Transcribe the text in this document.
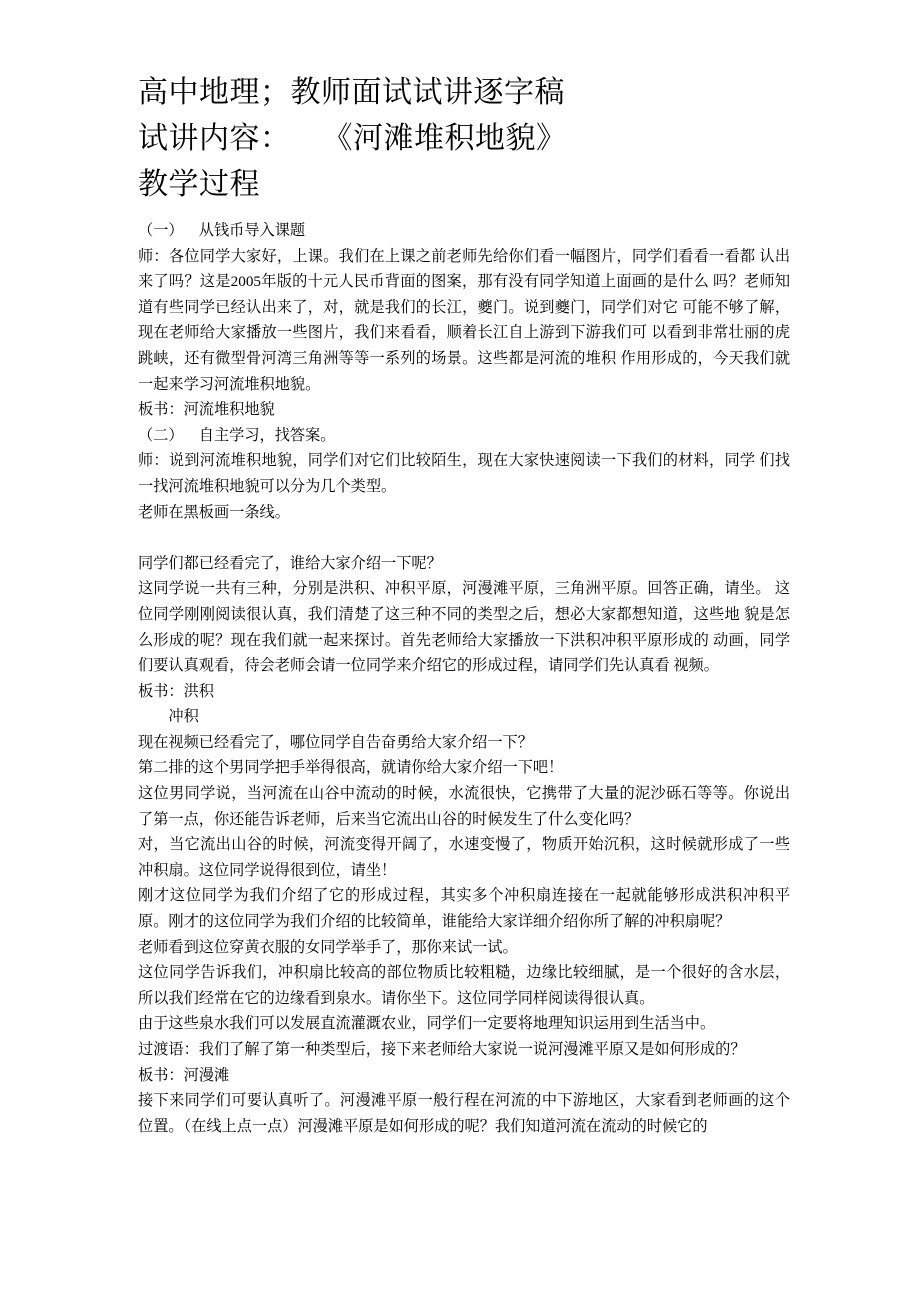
高中地理；教师面试试讲逐字稿
试讲内容：    《河滩堆积地貌》
教学过程
（一）    从钱币导入课题

师：各位同学大家好，上课。我们在上课之前老师先给你们看一幅图片，同学们看看一看都 认出来了吗？这是2005年版的十元人民币背面的图案，那有没有同学知道上面画的是什么 吗？老师知道有些同学已经认出来了，对，就是我们的长江，夔门。说到夔门，同学们对它 可能不够了解，现在老师给大家播放一些图片，我们来看看，顺着长江自上游到下游我们可 以看到非常壮丽的虎跳峡，还有微型骨河湾三角洲等等一系列的场景。这些都是河流的堆积 作用形成的，今天我们就一起来学习河流堆积地貌。

板书：河流堆积地貌

（二）    自主学习，找答案。

师：说到河流堆积地貌，同学们对它们比较陌生，现在大家快速阅读一下我们的材料，同学 们找一找河流堆积地貌可以分为几个类型。

老师在黑板画一条线。

同学们都已经看完了，谁给大家介绍一下呢？

这同学说一共有三种，分别是洪积、冲积平原，河漫滩平原，三角洲平原。回答正确，请坐。 这位同学刚刚阅读很认真，我们清楚了这三种不同的类型之后，想必大家都想知道，这些地 貌是怎么形成的呢？现在我们就一起来探讨。首先老师给大家播放一下洪积冲积平原形成的 动画，同学们要认真观看，待会老师会请一位同学来介绍它的形成过程，请同学们先认真看 视频。

板书：洪积

冲积

现在视频已经看完了，哪位同学自告奋勇给大家介绍一下？

第二排的这个男同学把手举得很高，就请你给大家介绍一下吧！

这位男同学说，当河流在山谷中流动的时候，水流很快，它携带了大量的泥沙砾石等等。你说出了第一点，你还能告诉老师，后来当它流出山谷的时候发生了什么变化吗？

对，当它流出山谷的时候，河流变得开阔了，水速变慢了，物质开始沉积，这时候就形成了一些冲积扇。这位同学说得很到位，请坐！

刚才这位同学为我们介绍了它的形成过程，其实多个冲积扇连接在一起就能够形成洪积冲积平原。刚才的这位同学为我们介绍的比较简单，谁能给大家详细介绍你所了解的冲积扇呢？

老师看到这位穿黄衣服的女同学举手了，那你来试一试。

这位同学告诉我们，冲积扇比较高的部位物质比较粗糙，边缘比较细腻，是一个很好的含水层，所以我们经常在它的边缘看到泉水。请你坐下。这位同学同样阅读得很认真。

由于这些泉水我们可以发展直流灌溉农业，同学们一定要将地理知识运用到生活当中。

过渡语：我们了解了第一种类型后，接下来老师给大家说一说河漫滩平原又是如何形成的？

板书：河漫滩

接下来同学们可要认真听了。河漫滩平原一般行程在河流的中下游地区，大家看到老师画的这个位置。（在线上点一点）河漫滩平原是如何形成的呢？我们知道河流在流动的时候它的
